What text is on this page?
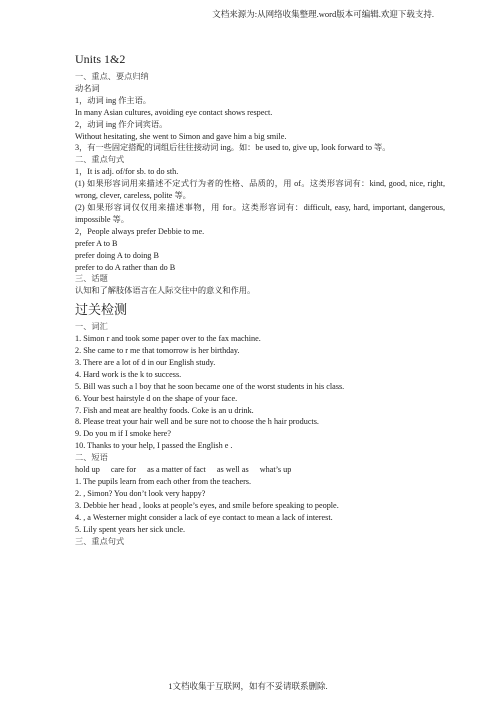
文档来源为:从网络收集整理.word版本可编辑.欢迎下载支持.
Units 1&2
一、重点、要点归纳
动名词
1，动词 ing 作主语。
In many Asian cultures, avoiding eye contact shows respect.
2，动词 ing 作介词宾语。
Without hesitating, she went to Simon and gave him a big smile.
3，有一些固定搭配的词组后往往接动词 ing。如：be used to, give up, look forward to 等。
二、重点句式
1，It is adj. of/for sb. to do sth.
(1) 如果形容词用来描述不定式行为者的性格、品质的，用 of。这类形容词有：kind, good, nice, right, wrong, clever, careless, polite 等。
(2) 如果形容词仅仅用来描述事物，用 for。这类形容词有：difficult, easy, hard, important, dangerous, impossible 等。
2，People always prefer Debbie to me.
prefer A to B
prefer doing A to doing B
prefer to do A rather than do B
三、话题
认知和了解肢体语言在人际交往中的意义和作用。
过关检测
一、词汇
1. Simon r and took some paper over to the fax machine.
2. She came to r me that tomorrow is her birthday.
3. There are a lot of d in our English study.
4. Hard work is the k to success.
5. Bill was such a l boy that he soon became one of the worst students in his class.
6. Your best hairstyle d on the shape of your face.
7. Fish and meat are healthy foods. Coke is an u drink.
8. Please treat your hair well and be sure not to choose the h hair products.
9. Do you m if I smoke here?
10. Thanks to your help, I passed the English e .
二、短语
hold up care for as a matter of fact as well as what’s up
1. The pupils learn from each other from the teachers.
2. , Simon? You don’t look very happy?
3. Debbie her head , looks at people’s eyes, and smile before speaking to people.
4. , a Westerner might consider a lack of eye contact to mean a lack of interest.
5. Lily spent years her sick uncle.
三、重点句式
1文档收集于互联网，如有不妥请联系删除.
